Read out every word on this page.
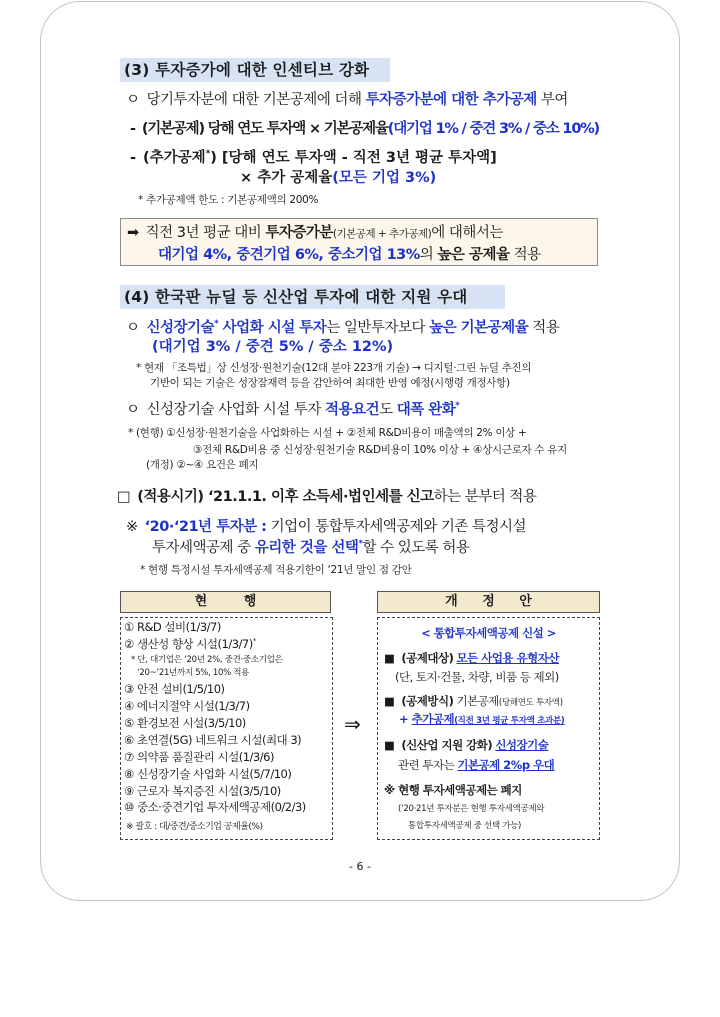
(3) 투자증가에 대한 인센티브 강화
ㅇ 당기투자분에 대한 기본공제에 더해 투자증가분에 대한 추가공제 부여
- (기본공제) 당해 연도 투자액 × 기본공제율(대기업 1% / 중견 3% / 중소 10%)
- (추가공제*) [당해 연도 투자액 - 직전 3년 평균 투자액]
× 추가 공제율(모든 기업 3%)
* 추가공제액 한도 : 기본공제액의 200%
➡ 직전 3년 평균 대비 투자증가분(기본공제 + 추가공제)에 대해서는
대기업 4%, 중견기업 6%, 중소기업 13%의 높은 공제율 적용
(4) 한국판 뉴딜 등 신산업 투자에 대한 지원 우대
ㅇ 신성장기술* 사업화 시설 투자는 일반투자보다 높은 기본공제율 적용
(대기업 3% / 중견 5% / 중소 12%)
* 현재 「조특법」상 신성장·원천기술(12대 분야 223개 기술) → 디지털·그린 뉴딜 추진의
기반이 되는 기술은 성장잠재력 등을 감안하여 최대한 반영 예정(시행령 개정사항)
ㅇ 신성장기술 사업화 시설 투자 적용요건도 대폭 완화*
* (현행) ①신성장·원천기술을 사업화하는 시설 + ②전체 R&D비용이 매출액의 2% 이상 +
③전체 R&D비용 중 신성장·원천기술 R&D비용이 10% 이상 + ④상시근로자 수 유지
(개정) ②~④ 요건은 폐지
□ (적용시기) ‘21.1.1. 이후 소득세·법인세를 신고하는 분부터 적용
※ ‘20·‘21년 투자분 : 기업이 통합투자세액공제와 기존 특정시설
투자세액공제 중 유리한 것을 선택*할 수 있도록 허용
* 현행 특정시설 투자세액공제 적용기한이 ‘21년 말인 점 감안
현 행	개 정 안
① R&D 설비(1/3/7)
② 생산성 향상 시설(1/3/7)*
* 단, 대기업은 ‘20년 2%, 중견·중소기업은
‘20~‘21년까지 5%, 10% 적용
③ 안전 설비(1/5/10)
④ 에너지절약 시설(1/3/7)
⑤ 환경보전 시설(3/5/10)
⑥ 초연결(5G) 네트워크 시설(최대 3)
⑦ 의약품 품질관리 시설(1/3/6)
⑧ 신성장기술 사업화 시설(5/7/10)
⑨ 근로자 복지증진 시설(3/5/10)
⑩ 중소·중견기업 투자세액공제(0/2/3)
※ 괄호 : 대/중견/중소기업 공제율(%)
⇒
< 통합투자세액공제 신설 >
■ (공제대상) 모든 사업용 유형자산
(단, 토지·건물, 차량, 비품 등 제외)
■ (공제방식) 기본공제(당해연도 투자액)
+ 추가공제(직전 3년 평균 투자액 초과분)
■ (신산업 지원 강화) 신성장기술
관련 투자는 기본공제 2%p 우대
※ 현행 투자세액공제는 폐지
(‘20·21년 투자분은 현행 투자세액공제와
통합투자세액공제 중 선택 가능)
- 6 -
